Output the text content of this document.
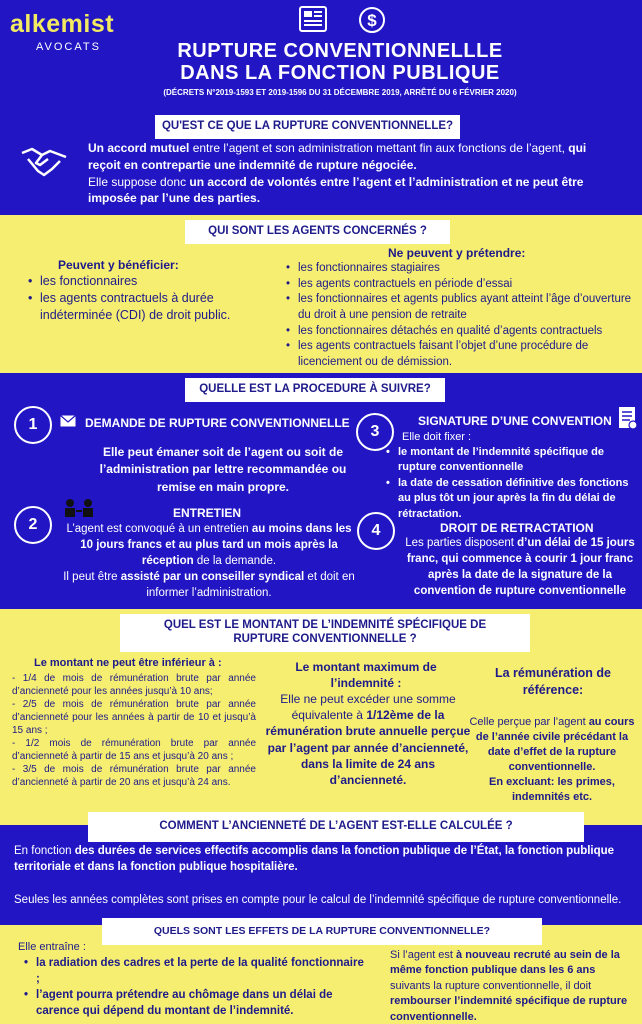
alkemist
AVOCATS
$
RUPTURE CONVENTIONNELLLE
DANS LA FONCTION PUBLIQUE
(DÉCRETS N°2019-1593 ET 2019-1596 DU 31 DÉCEMBRE 2019, ARRÊTÉ DU 6 FÉVRIER 2020)
QU'EST CE QUE LA RUPTURE CONVENTIONNELLE?
Un accord mutuel entre l’agent et son administration mettant fin aux fonctions de l’agent, qui reçoit en contrepartie une indemnité de rupture négociée.
Elle suppose donc un accord de volontés entre l’agent et l’administration et ne peut être imposée par l’une des parties.
QUI SONT LES AGENTS CONCERNÉS ?
Peuvent y bénéficier:
• les fonctionnaires
• les agents contractuels à durée indéterminée (CDI) de droit public.
Ne peuvent y prétendre:
• les fonctionnaires stagiaires
• les agents contractuels en période d’essai
• les fonctionnaires et agents publics ayant atteint l’âge d’ouverture du droit à une pension de retraite
• les fonctionnaires détachés en qualité d’agents contractuels
• les agents contractuels faisant l’objet d’une procédure de licenciement ou de démission.
QUELLE EST LA PROCEDURE À SUIVRE?
1	DEMANDE DE RUPTURE CONVENTIONNELLE
Elle peut émaner soit de l’agent ou soit de l’administration par lettre recommandée ou remise en main propre.
2
ENTRETIEN
L’agent est convoqué à un entretien au moins dans les 10 jours francs et au plus tard un mois après la réception de la demande.
Il peut être assisté par un conseiller syndical et doit en informer l’administration.
3
SIGNATURE D’UNE CONVENTION
Elle doit fixer :
• le montant de l’indemnité spécifique de rupture conventionnelle
• la date de cessation définitive des fonctions au plus tôt un jour après la fin du délai de rétractation.
4	DROIT DE RETRACTATION
Les parties disposent d’un délai de 15 jours franc, qui commence à courir 1 jour franc après la date de la signature de la convention de rupture conventionnelle
QUEL EST LE MONTANT DE L’INDEMNITÉ SPÉCIFIQUE DE
RUPTURE CONVENTIONNELLE ?
Le montant ne peut être inférieur à :
- 1/4 de mois de rémunération brute par année d’ancienneté pour les années jusqu’à 10 ans;
- 2/5 de mois de rémunération brute par année d’ancienneté pour les années à partir de 10 et jusqu’à 15 ans ;
- 1/2 mois de rémunération brute par année d’ancienneté à partir de 15 ans et jusqu’à 20 ans ;
- 3/5 de mois de rémunération brute par année d’ancienneté à partir de 20 ans et jusqu’à 24 ans.
Le montant maximum de l’indemnité :
Elle ne peut excéder une somme équivalente à 1/12ème de la rémunération brute annuelle perçue par l’agent par année d’ancienneté, dans la limite de 24 ans d’ancienneté.
La rémunération de référence:
Celle perçue par l’agent au cours de l’année civile précédant la date d’effet de la rupture conventionnelle.
En excluant: les primes, indemnités etc.
COMMENT L’ANCIENNETÉ DE L’AGENT EST-ELLE CALCULÉE ?
En fonction des durées de services effectifs accomplis dans la fonction publique de l’État, la fonction publique territoriale et dans la fonction publique hospitalière.
Seules les années complètes sont prises en compte pour le calcul de l’indemnité spécifique de rupture conventionnelle.
QUELS SONT LES EFFETS DE LA RUPTURE CONVENTIONNELLE?
Elle entraîne :
• la radiation des cadres et la perte de la qualité fonctionnaire ;
• l’agent pourra prétendre au chômage dans un délai de carence qui dépend du montant de l’indemnité.
Si l’agent est à nouveau recruté au sein de la même fonction publique dans les 6 ans suivants la rupture conventionnelle, il doit rembourser l’indemnité spécifique de rupture conventionnelle.
